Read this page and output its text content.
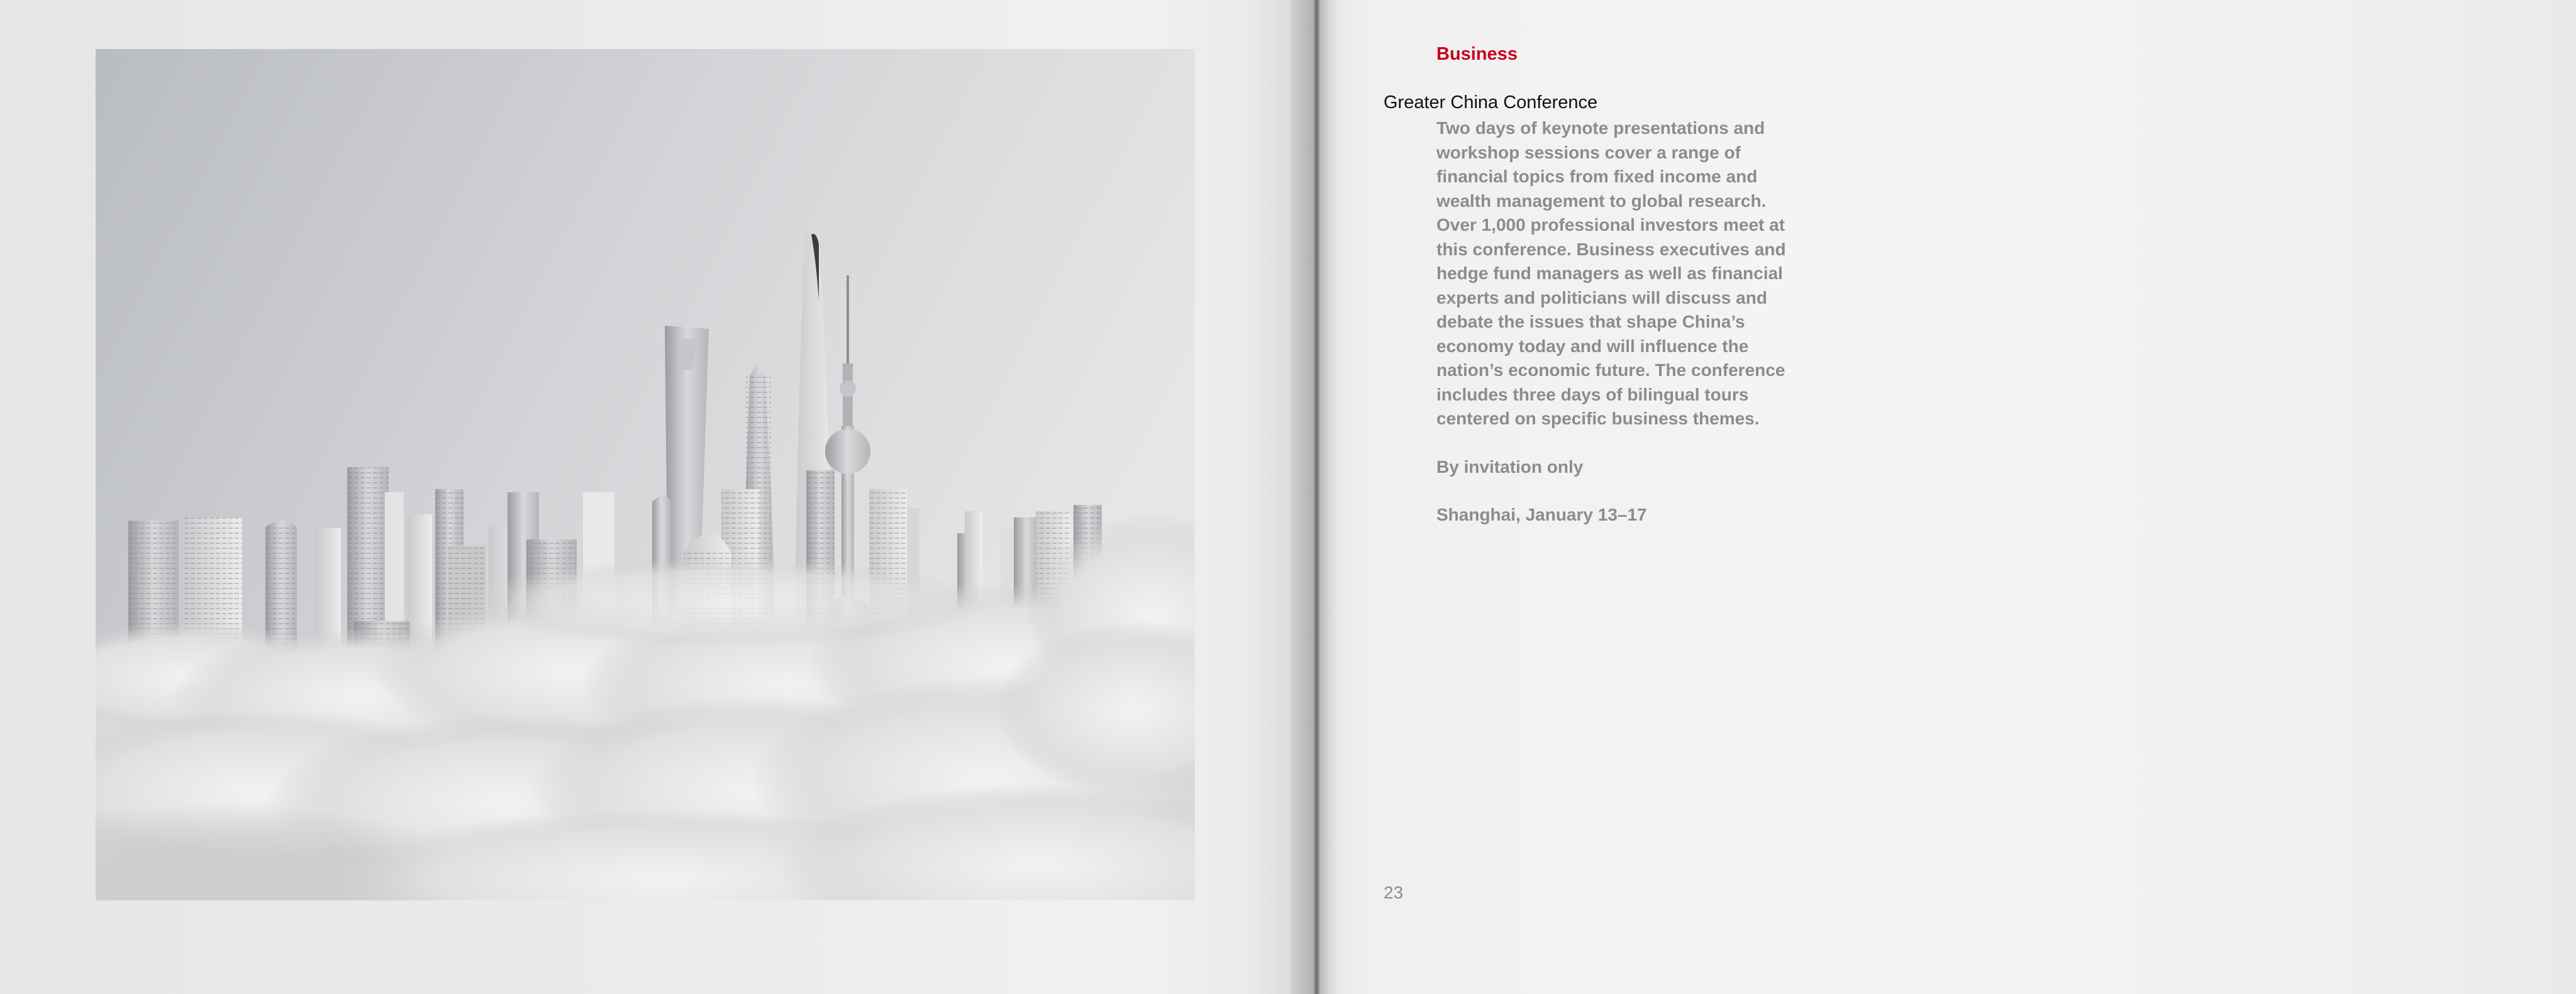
Business
Greater China Conference

Two days of keynote presentations and

workshop sessions cover a range of

financial topics from fixed income and

wealth management to global research.

Over 1,000 professional investors meet at

this conference. Business executives and

hedge fund managers as well as financial

experts and politicians will discuss and

debate the issues that shape China’s

economy today and will influence the

nation’s economic future. The conference

includes three days of bilingual tours

centered on specific business themes.

By invitation only

Shanghai, January 13–17

23
